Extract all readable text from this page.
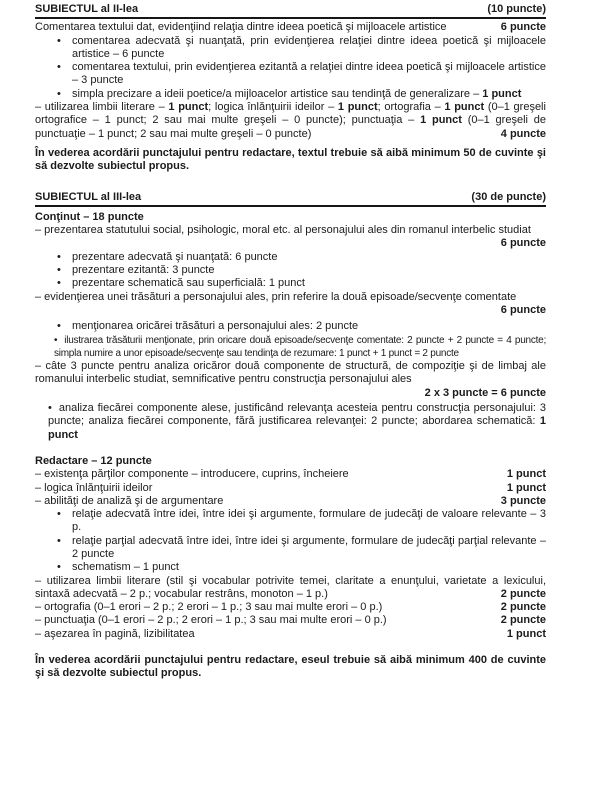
SUBIECTUL al II-lea	(10 puncte)
Comentarea textului dat, evidenţiind relaţia dintre ideea poetică şi mijloacele artistice	6 puncte
•	comentarea adecvată şi nuanţată, prin evidenţierea relaţiei dintre ideea poetică şi mijloacele artistice – 6 puncte
•	comentarea textului, prin evidenţierea ezitantă a relaţiei dintre ideea poetică şi mijloacele artistice – 3 puncte
•	simpla precizare a ideii poetice/a mijloacelor artistice sau tendinţă de generalizare – 1 punct

– utilizarea limbii literare – 1 punct; logica înlănţuirii ideilor – 1 punct; ortografia – 1 punct (0–1 greşeli ortografice – 1 punct; 2 sau mai multe greşeli – 0 puncte); punctuaţia – 1 punct (0–1 greşeli de punctuaţie – 1 punct; 2 sau mai multe greşeli – 0 puncte)	4 puncte

În vederea acordării punctajului pentru redactare, textul trebuie să aibă minimum 50 de cuvinte şi să dezvolte subiectul propus.

SUBIECTUL al III-lea	(30 de puncte)

Conţinut – 18 puncte

– prezentarea statutului social, psihologic, moral etc. al personajului ales din romanul interbelic studiat
6 puncte

•	prezentare adecvată şi nuanţată: 6 puncte
•	prezentare ezitantă: 3 puncte
•	prezentare schematică sau superficială: 1 punct

– evidenţierea unei trăsături a personajului ales, prin referire la două episoade/secvenţe comentate

6 puncte

•	menţionarea oricărei trăsături a personajului ales: 2 puncte
• ilustrarea trăsăturii menţionate, prin oricare două episoade/secvenţe comentate: 2 puncte + 2 puncte = 4 puncte; simpla numire a unor episoade/secvenţe sau tendinţa de rezumare: 1 punct + 1 punct = 2 puncte

– câte 3 puncte pentru analiza oricăror două componente de structură, de compoziţie şi de limbaj ale romanului interbelic studiat, semnificative pentru construcţia personajului ales

2 x 3 puncte = 6 puncte

• analiza fiecărei componente alese, justificând relevanţa acesteia pentru construcţia personajului: 3 puncte; analiza fiecărei componente, fără justificarea relevanţei: 2 puncte; abordarea schematică: 1 punct

Redactare – 12 puncte

– existenţa părţilor componente – introducere, cuprins, încheiere	1 punct
– logica înlănţuirii ideilor	1 punct
– abilităţi de analiză şi de argumentare	3 puncte
•	relaţie adecvată între idei, între idei şi argumente, formulare de judecăţi de valoare relevante – 3 p.
•	relaţie parţial adecvată între idei, între idei şi argumente, formulare de judecăţi parţial relevante – 2 puncte
•	schematism – 1 punct

– utilizarea limbii literare (stil şi vocabular potrivite temei, claritate a enunţului, varietate a lexicului, sintaxă adecvată – 2 p.; vocabular restrâns, monoton – 1 p.)	2 puncte

– ortografia (0–1 erori – 2 p.; 2 erori – 1 p.; 3 sau mai multe erori – 0 p.)	2 puncte
– punctuaţia (0–1 erori – 2 p.; 2 erori – 1 p.; 3 sau mai multe erori – 0 p.)	2 puncte
– aşezarea în pagină, lizibilitatea	1 punct

În vederea acordării punctajului pentru redactare, eseul trebuie să aibă minimum 400 de cuvinte şi să dezvolte subiectul propus.
